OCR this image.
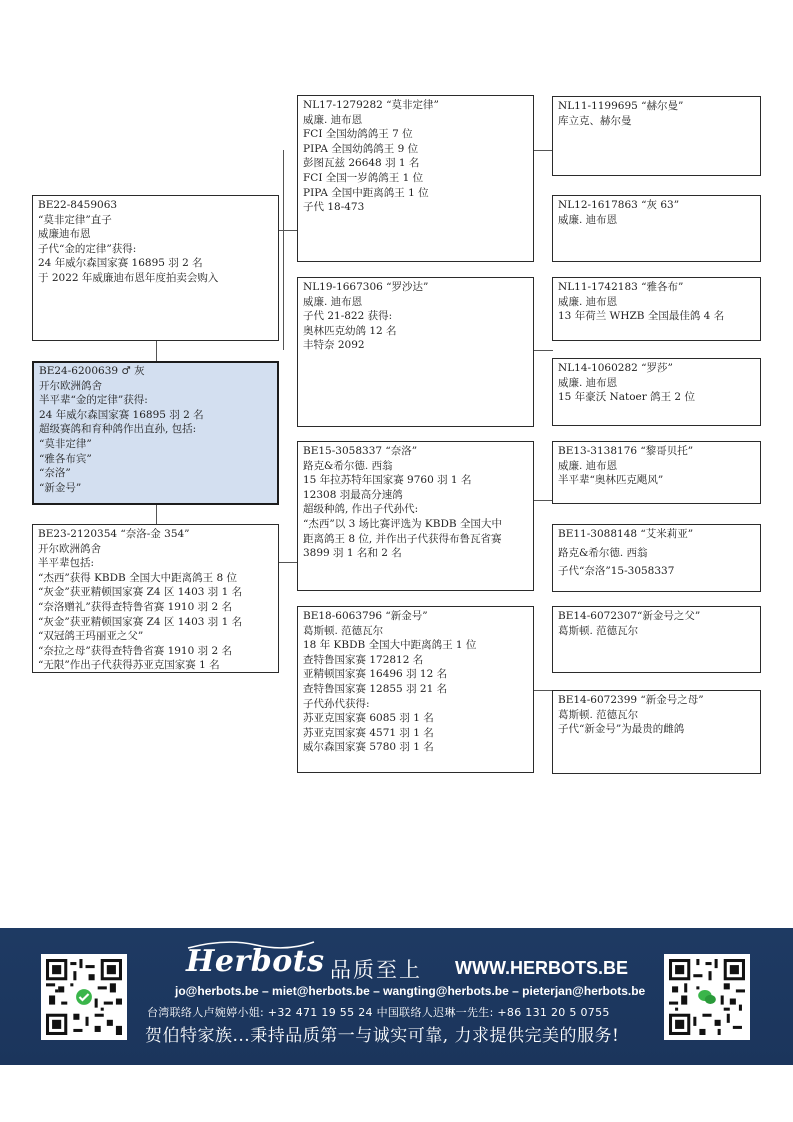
BE24-6200639 ♂ 灰
开尔欧洲鸽舍
半平辈“金的定律”获得:
24 年威尔森国家赛 16895 羽 2 名
超级赛鸽和育种鸽作出直孙, 包括:
“莫非定律”
“雅各布宾”
“奈洛”
“新金号”
BE22-8459063
“莫非定律”直子
威廉迪布恩
子代“金的定律”获得:
24 年威尔森国家赛 16895 羽 2 名
于 2022 年威廉迪布恩年度拍卖会购入
BE23-2120354 “奈洛-金 354”
开尔欧洲鸽舍
半平辈包括:
“杰西”获得 KBDB 全国大中距离鸽王 8 位
“灰金”获亚精顿国家赛 Z4 区 1403 羽 1 名
“奈洛赠礼”获得查特鲁省赛 1910 羽 2 名
“灰金”获亚精顿国家赛 Z4 区 1403 羽 1 名
“双冠鸽王玛丽亚之父”
“奈拉之母”获得查特鲁省赛 1910 羽 2 名
“无限”作出子代获得苏亚克国家赛 1 名
NL17-1279282 “莫非定律”
威廉. 迪布恩
FCI 全国幼鸽鸽王 7 位
PIPA 全国幼鸽鸽王 9 位
彭图瓦兹 26648 羽 1 名
FCI 全国一岁鸽鸽王 1 位
PIPA 全国中距离鸽王 1 位
子代 18-473
NL19-1667306 “罗沙达”
威廉. 迪布恩
子代 21-822 获得:
奥林匹克幼鸽 12 名
丰特奈 2092
BE15-3058337 “奈洛”
路克&希尔德. 西翁
15 年拉苏特年国家赛 9760 羽 1 名
12308 羽最高分速鸽
超级种鸽, 作出子代孙代:
“杰西”以 3 场比赛评选为 KBDB 全国大中
距离鸽王 8 位, 并作出子代获得布鲁瓦省赛
3899 羽 1 名和 2 名
BE18-6063796 “新金号”
葛斯顿. 范德瓦尔
18 年 KBDB 全国大中距离鸽王 1 位
查特鲁国家赛 172812 名
亚精顿国家赛 16496 羽 12 名
查特鲁国家赛 12855 羽 21 名
子代孙代获得:
苏亚克国家赛 6085 羽 1 名
苏亚克国家赛 4571 羽 1 名
威尔森国家赛 5780 羽 1 名
NL11-1199695 “赫尔曼”
库立克、赫尔曼
NL12-1617863 “灰 63”
威廉. 迪布恩
NL11-1742183 “雅各布”
威廉. 迪布恩
13 年荷兰 WHZB 全国最佳鸽 4 名
NL14-1060282 “罗莎”
威廉. 迪布恩
15 年豪沃 Natoer 鸽王 2 位
BE13-3138176 “黎哥贝托”
威廉. 迪布恩
半平辈“奥林匹克飓风”
BE11-3088148 “艾米莉亚”
路克&希尔德. 西翁
子代“奈洛”15-3058337
BE14-6072307“新金号之父”
葛斯顿. 范德瓦尔
BE14-6072399 “新金号之母”
葛斯顿. 范德瓦尔
子代“新金号”为最贵的雌鸽
Herbots 品质至上 WWW.HERBOTS.BE
jo@herbots.be – miet@herbots.be – wangting@herbots.be – pieterjan@herbots.be
台湾联络人卢婉婷小姐: +32 471 19 55 24 中国联络人迟琳一先生: +86 131 20 5 0755
贺伯特家族...秉持品质第一与诚实可靠, 力求提供完美的服务!
